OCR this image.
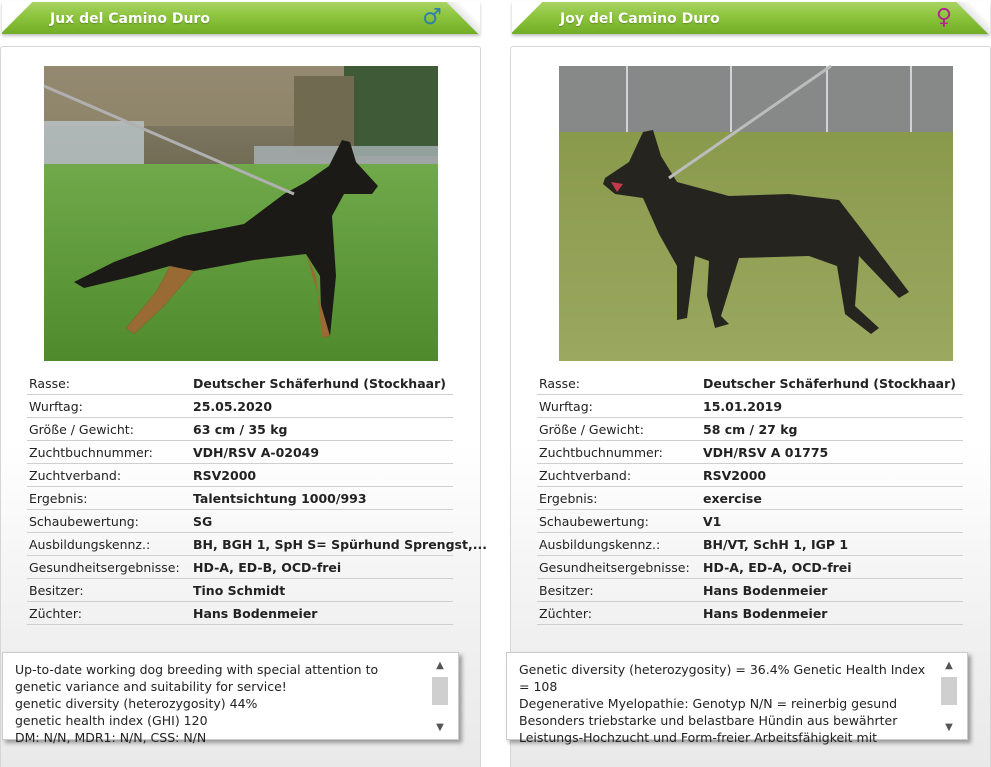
Jux del Camino Duro	♂
Rasse:	Deutscher Schäferhund (Stockhaar)
Wurftag:	25.05.2020
Größe / Gewicht:	63 cm / 35 kg
Zuchtbuchnummer:	VDH/RSV A-02049
Zuchtverband:	RSV2000
Ergebnis:	Talentsichtung 1000/993
Schaubewertung:	SG
Ausbildungskennz.:	BH, BGH 1, SpH S= Spürhund Sprengst,...
Gesundheitsergebnisse: HD-A, ED-B, OCD-frei
Besitzer:	Tino Schmidt
Züchter:	Hans Bodenmeier

Up-to-date working dog breeding with special attention to genetic variance and suitability for service!

genetic diversity (heterozygosity) 44%

genetic health index (GHI) 120

DM: N/N, MDR1: N/N, CSS: N/N

▲
▼
Joy del Camino Duro	♀
Rasse:	Deutscher Schäferhund (Stockhaar)
Wurftag:	15.01.2019
Größe / Gewicht:	58 cm / 27 kg
Zuchtbuchnummer:	VDH/RSV A 01775
Zuchtverband:	RSV2000
Ergebnis:	exercise
Schaubewertung:	V1
Ausbildungskennz.:	BH/VT, SchH 1, IGP 1
Gesundheitsergebnisse: HD-A, ED-A, OCD-frei
Besitzer:	Hans Bodenmeier
Züchter:	Hans Bodenmeier

Genetic diversity (heterozygosity) = 36.4% Genetic Health Index = 108

Degenerative Myelopathie: Genotyp N/N = reinerbig gesund

Besonders triebstarke und belastbare Hündin aus bewährter Leistungs-Hochzucht und Form-freier Arbeitsfähigkeit mit

▲
▼
